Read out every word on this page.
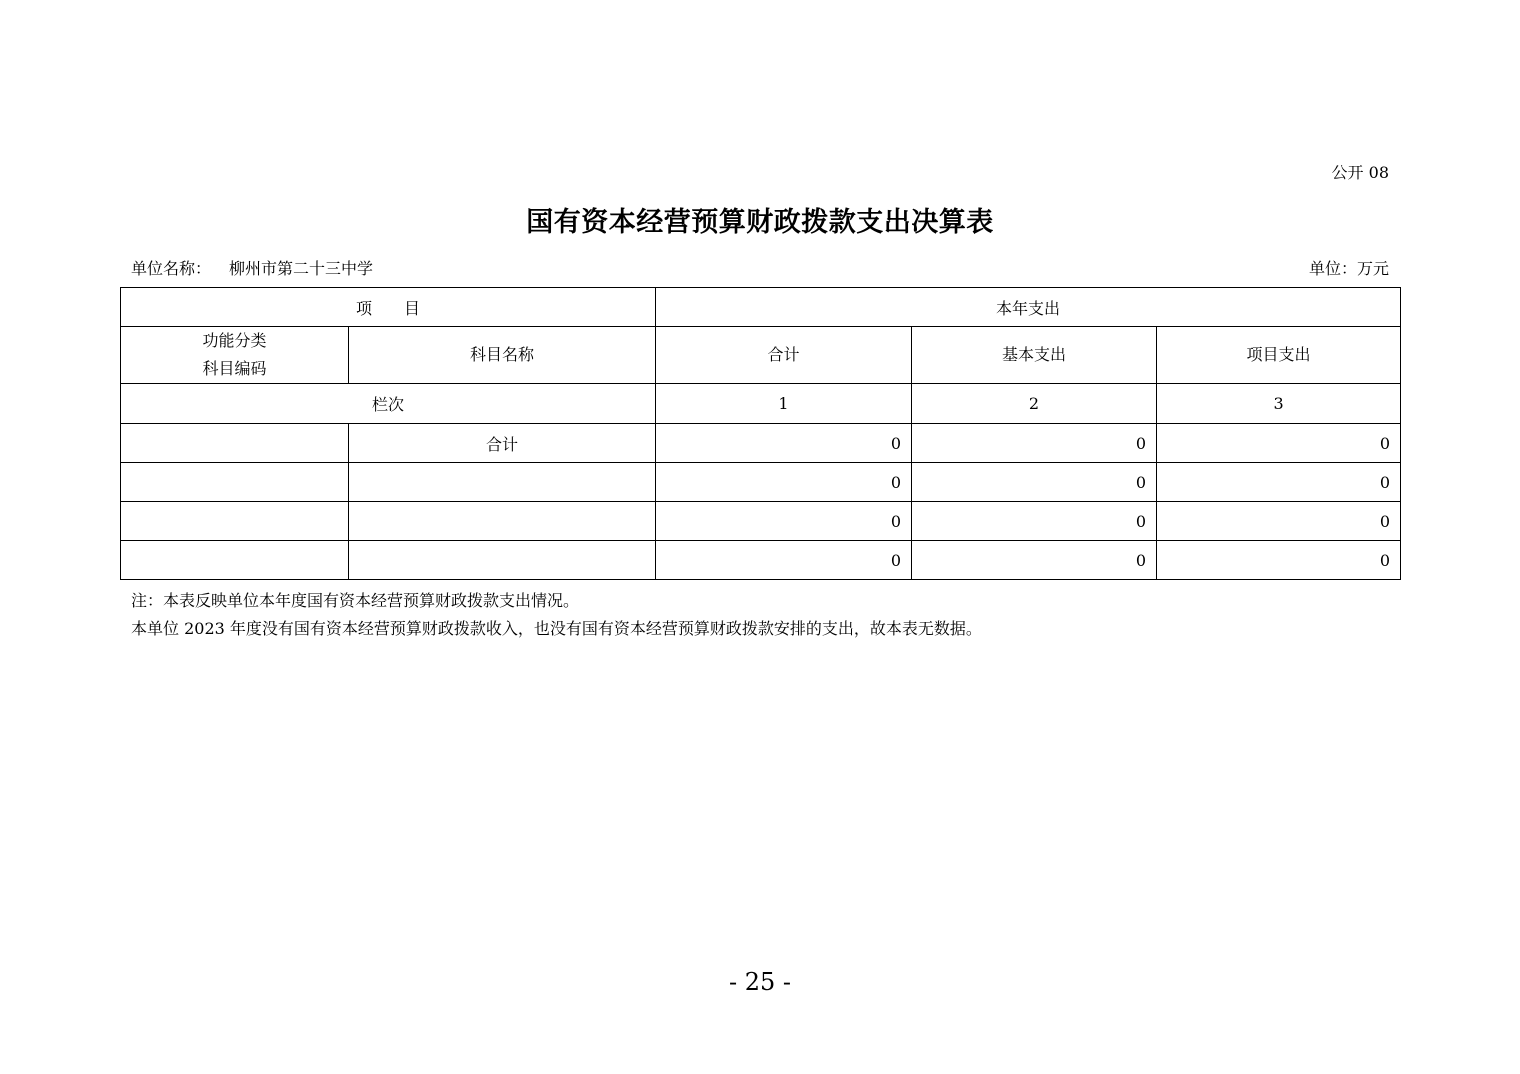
公开 08
国有资本经营预算财政拨款支出决算表
单位名称： 柳州市第二十三中学	单位：万元
项　　目		本年支出		

功能分类
科目编码	科目名称	合计	基本支出	项目支出
栏次		1	2	3
	合计	0	0	0
		0	0	0
		0	0	0
		0	0	0
注：本表反映单位本年度国有资本经营预算财政拨款支出情况。
本单位 2023 年度没有国有资本经营预算财政拨款收入，也没有国有资本经营预算财政拨款安排的支出，故本表无数据。
- 25 -
